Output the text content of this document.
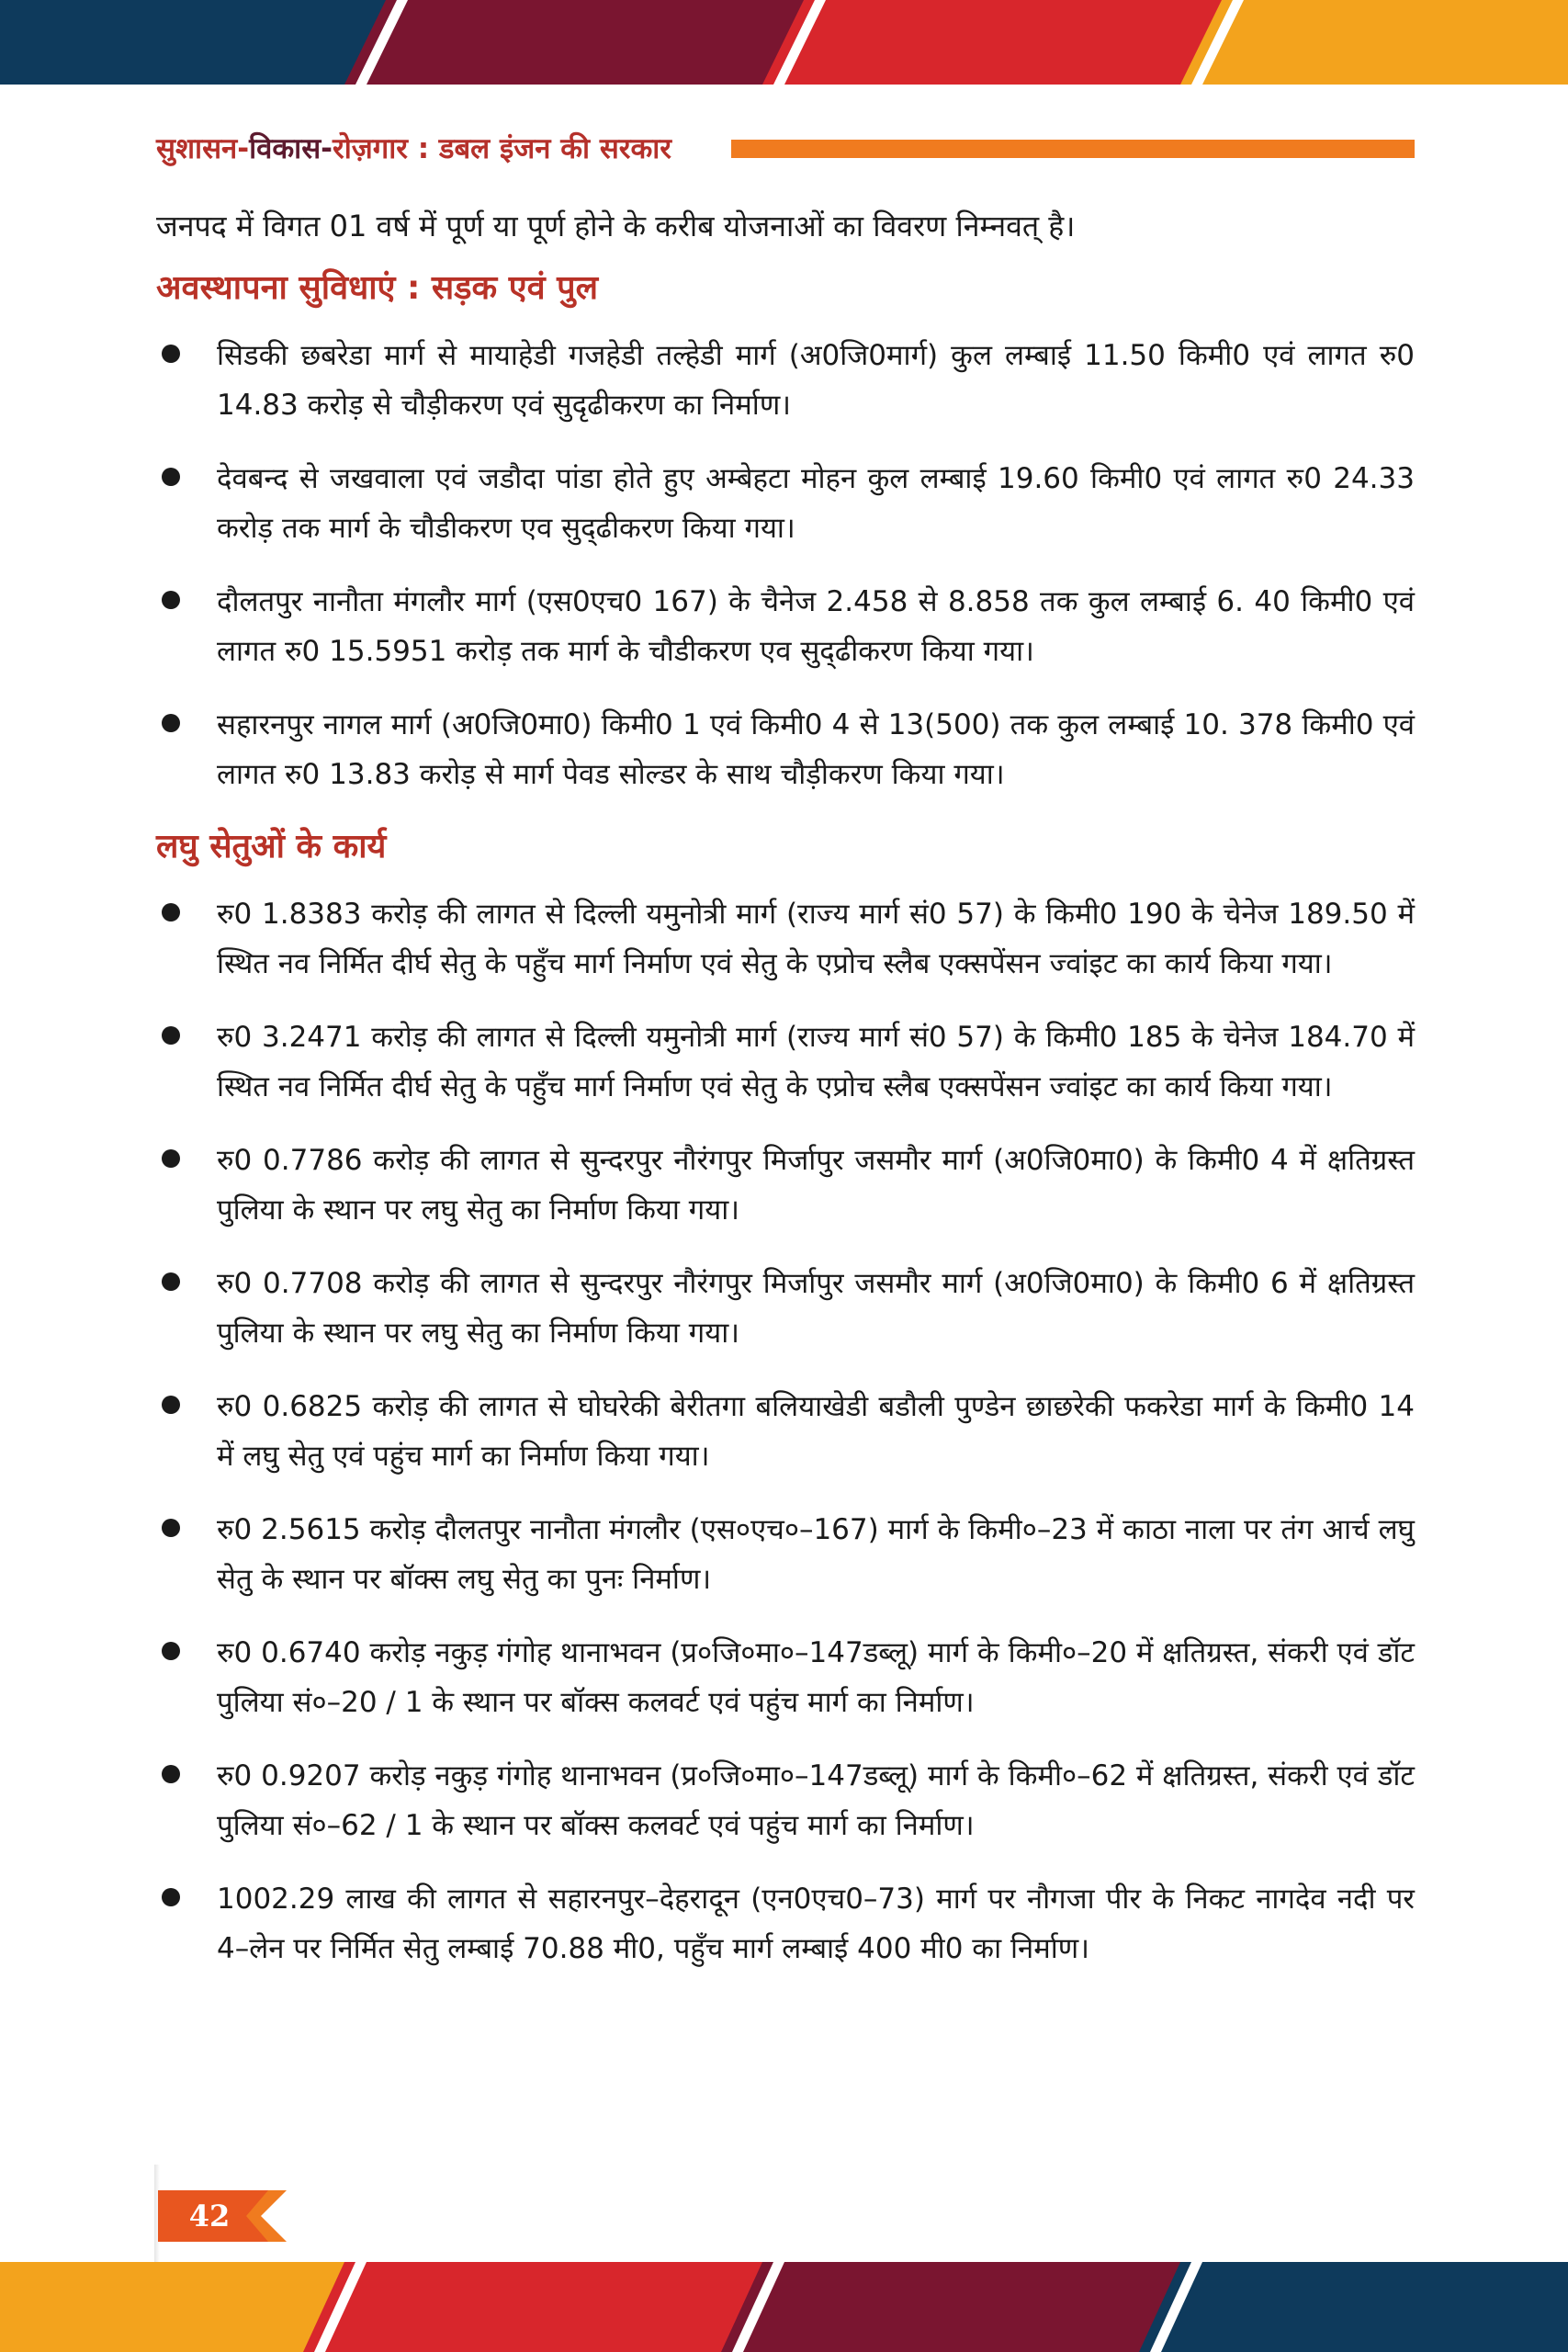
सुशासन-विकास-रोज़गार : डबल इंजन की सरकार

जनपद में विगत 01 वर्ष में पूर्ण या पूर्ण होने के करीब योजनाओं का विवरण निम्नवत् है।

अवस्थापना सुविधाएं : सड़क एवं पुल
सिडकी छबरेडा मार्ग से मायाहेडी गजहेडी तल्हेडी मार्ग (अ0जि0मार्ग) कुल लम्बाई 11.50 किमी0 एवं लागत रु0 14.83 करोड़ से चौड़ीकरण एवं सुदृढीकरण का निर्माण।
देवबन्द से जखवाला एवं जडौदा पांडा होते हुए अम्बेहटा मोहन कुल लम्बाई 19.60 किमी0 एवं लागत रु0 24.33 करोड़ तक मार्ग के चौडीकरण एव सुद्ढीकरण किया गया।
दौलतपुर नानौता मंगलौर मार्ग (एस0एच0 167) के चैनेज 2.458 से 8.858 तक कुल लम्बाई 6. 40 किमी0 एवं लागत रु0 15.5951 करोड़ तक मार्ग के चौडीकरण एव सुद्ढीकरण किया गया।
सहारनपुर नागल मार्ग (अ0जि0मा0) किमी0 1 एवं किमी0 4 से 13(500) तक कुल लम्बाई 10. 378 किमी0 एवं लागत रु0 13.83 करोड़ से मार्ग पेवड सोल्डर के साथ चौड़ीकरण किया गया।
लघु सेतुओं के कार्य
रु0 1.8383 करोड़ की लागत से दिल्ली यमुनोत्री मार्ग (राज्य मार्ग सं0 57) के किमी0 190 के चेनेज 189.50 में स्थित नव निर्मित दीर्घ सेतु के पहुँच मार्ग निर्माण एवं सेतु के एप्रोच स्लैब एक्सपेंसन ज्वांइट का कार्य किया गया।
रु0 3.2471 करोड़ की लागत से दिल्ली यमुनोत्री मार्ग (राज्य मार्ग सं0 57) के किमी0 185 के चेनेज 184.70 में स्थित नव निर्मित दीर्घ सेतु के पहुँच मार्ग निर्माण एवं सेतु के एप्रोच स्लैब एक्सपेंसन ज्वांइट का कार्य किया गया।
रु0 0.7786 करोड़ की लागत से सुन्दरपुर नौरंगपुर मिर्जापुर जसमौर मार्ग (अ0जि0मा0) के किमी0 4 में क्षतिग्रस्त पुलिया के स्थान पर लघु सेतु का निर्माण किया गया।
रु0 0.7708 करोड़ की लागत से सुन्दरपुर नौरंगपुर मिर्जापुर जसमौर मार्ग (अ0जि0मा0) के किमी0 6 में क्षतिग्रस्त पुलिया के स्थान पर लघु सेतु का निर्माण किया गया।
रु0 0.6825 करोड़ की लागत से घोघरेकी बेरीतगा बलियाखेडी बडौली पुण्डेन छाछरेकी फकरेडा मार्ग के किमी0 14 में लघु सेतु एवं पहुंच मार्ग का निर्माण किया गया।
रु0 2.5615 करोड़ दौलतपुर नानौता मंगलौर (एस०एच०–167) मार्ग के किमी०–23 में काठा नाला पर तंग आर्च लघु सेतु के स्थान पर बॉक्स लघु सेतु का पुनः निर्माण।
रु0 0.6740 करोड़ नकुड़ गंगोह थानाभवन (प्र०जि०मा०–147डब्लू) मार्ग के किमी०–20 में क्षतिग्रस्त, संकरी एवं डॉट पुलिया सं०–20 / 1 के स्थान पर बॉक्स कलवर्ट एवं पहुंच मार्ग का निर्माण।
रु0 0.9207 करोड़ नकुड़ गंगोह थानाभवन (प्र०जि०मा०–147डब्लू) मार्ग के किमी०–62 में क्षतिग्रस्त, संकरी एवं डॉट पुलिया सं०–62 / 1 के स्थान पर बॉक्स कलवर्ट एवं पहुंच मार्ग का निर्माण।
1002.29 लाख की लागत से सहारनपुर–देहरादून (एन0एच0–73) मार्ग पर नौगजा पीर के निकट नागदेव नदी पर 4–लेन पर निर्मित सेतु लम्बाई 70.88 मी0, पहुँच मार्ग लम्बाई 400 मी0 का निर्माण।
42
